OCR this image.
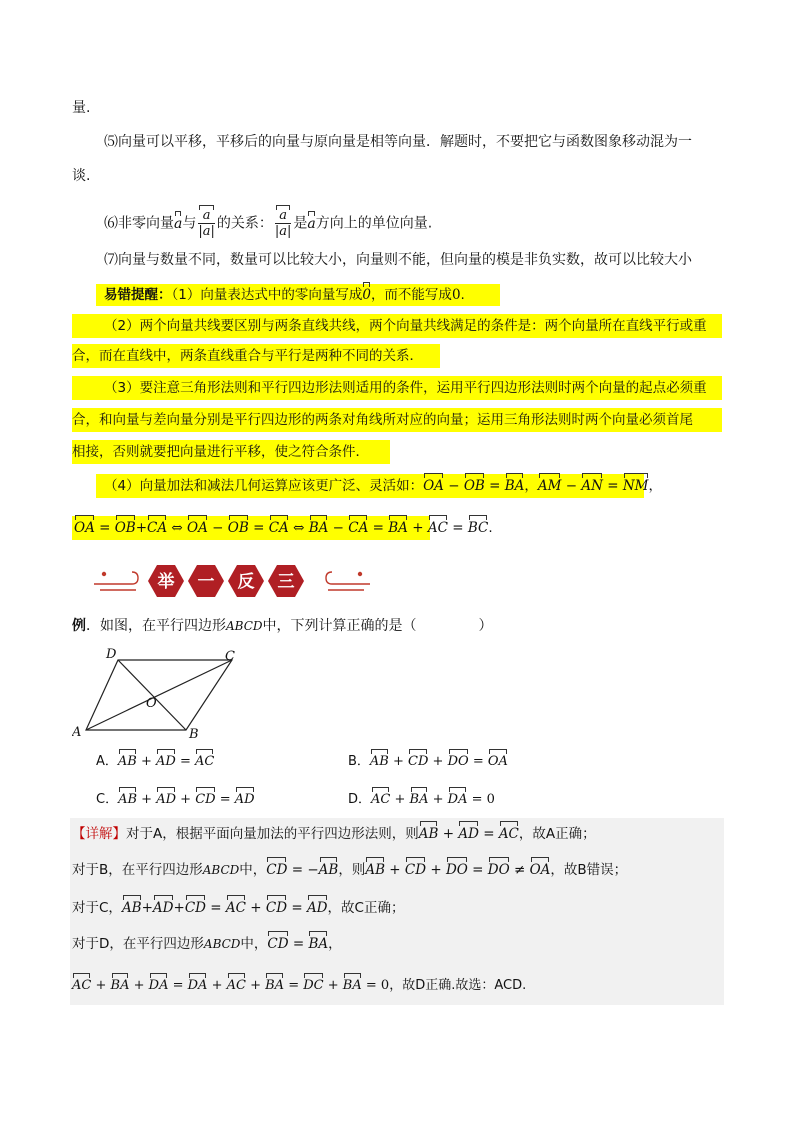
量.
⑸向量可以平移，平移后的向量与原向量是相等向量．解题时，不要把它与函数图象移动混为一
谈.
⑹非零向量a与 $\frac{a}{|a|}$ 的关系： $\frac{a}{|a|}$ 是a方向上的单位向量.
⑺向量与数量不同，数量可以比较大小，向量则不能，但向量的模是非负实数，故可以比较大小
易错提醒：（1）向量表达式中的零向量写成0，而不能写成0.
（2）两个向量共线要区别与两条直线共线，两个向量共线满足的条件是：两个向量所在直线平行或重
合，而在直线中，两条直线重合与平行是两种不同的关系．
（3）要注意三角形法则和平行四边形法则适用的条件，运用平行四边形法则时两个向量的起点必须重
合，和向量与差向量分别是平行四边形的两条对角线所对应的向量；运用三角形法则时两个向量必须首尾
相接，否则就要把向量进行平移，使之符合条件．
（4）向量加法和减法几何运算应该更广泛、灵活如：OA − OB = BA，AM − AN = NM，
OA = OB+CA ⇔ OA − OB = CA ⇔ BA − CA = BA + AC = BC.
举 一 反 三
例．如图，在平行四边形ABCD中，下列计算正确的是（	）
A	B
C
D
O
A．AB + AD = AC	B．AB + CD + DO = OA
C．AB + AD + CD = AD	D．AC + BA + DA = 0
【详解】对于A，根据平面向量加法的平行四边形法则，则AB + AD = AC，故A正确；
对于B，在平行四边形ABCD中，CD = −AB，则AB + CD + DO = DO ≠ OA，故B错误；
对于C，AB+AD+CD = AC + CD = AD，故C正确；
对于D，在平行四边形ABCD中，CD = BA，
AC + BA + DA = DA + AC + BA = DC + BA = 0，故D正确.故选：ACD.
